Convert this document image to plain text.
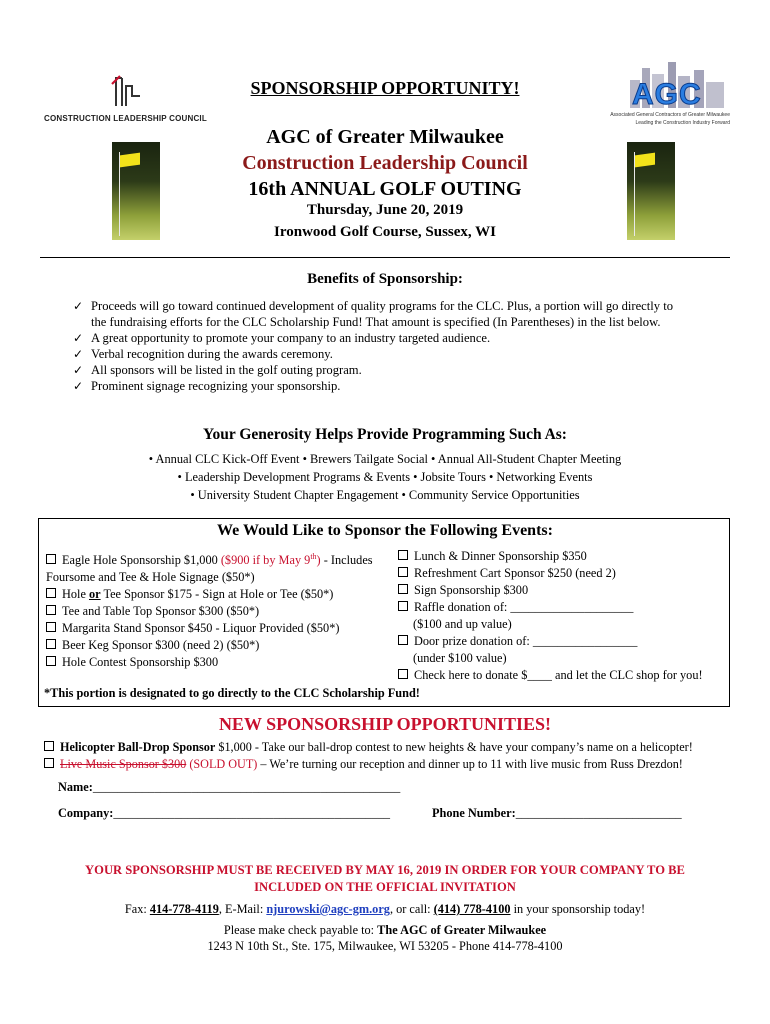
CONSTRUCTION LEADERSHIP COUNCIL
AGC
Associated General Contractors of Greater Milwaukee
Leading the Construction Industry Forward
SPONSORSHIP OPPORTUNITY!
AGC of Greater Milwaukee
Construction Leadership Council
16th ANNUAL GOLF OUTING
Thursday, June 20, 2019
Ironwood Golf Course, Sussex, WI
Benefits of Sponsorship:
✓ Proceeds will go toward continued development of quality programs for the CLC. Plus, a portion will go directly to the fundraising efforts for the CLC Scholarship Fund! That amount is specified (In Parentheses) in the list below.
✓ A great opportunity to promote your company to an industry targeted audience.
✓ Verbal recognition during the awards ceremony.
✓ All sponsors will be listed in the golf outing program.
✓ Prominent signage recognizing your sponsorship.
Your Generosity Helps Provide Programming Such As:
• Annual CLC Kick-Off Event • Brewers Tailgate Social • Annual All-Student Chapter Meeting
• Leadership Development Programs & Events • Jobsite Tours • Networking Events
• University Student Chapter Engagement • Community Service Opportunities
We Would Like to Sponsor the Following Events:
Eagle Hole Sponsorship $1,000 ($900 if by May 9th) - Includes
Foursome and Tee & Hole Signage ($50*)
Hole or Tee Sponsor $175 - Sign at Hole or Tee ($50*)
Tee and Table Top Sponsor $300 ($50*)
Margarita Stand Sponsor $450 - Liquor Provided ($50*)
Beer Keg Sponsor $300 (need 2) ($50*)
Hole Contest Sponsorship $300
Lunch & Dinner Sponsorship $350
Refreshment Cart Sponsor $250 (need 2)
Sign Sponsorship $300
Raffle donation of: ____________________
($100 and up value)
Door prize donation of: _________________
(under $100 value)
Check here to donate $____ and let the CLC shop for you!
*This portion is designated to go directly to the CLC Scholarship Fund!
NEW SPONSORSHIP OPPORTUNITIES!
Helicopter Ball-Drop Sponsor $1,000 - Take our ball-drop contest to new heights & have your company’s name on a helicopter!
Live Music Sponsor $300 (SOLD OUT) – We’re turning our reception and dinner up to 11 with live music from Russ Drezdon!
Name:__________________________________________________
Company:_____________________________________________	Phone Number:___________________________
YOUR SPONSORSHIP MUST BE RECEIVED BY MAY 16, 2019 IN ORDER FOR YOUR COMPANY TO BE
INCLUDED ON THE OFFICIAL INVITATION
Fax: 414-778-4119, E-Mail: njurowski@agc-gm.org, or call: (414) 778-4100 in your sponsorship today!
Please make check payable to: The AGC of Greater Milwaukee
1243 N 10th St., Ste. 175, Milwaukee, WI 53205 - Phone 414-778-4100
